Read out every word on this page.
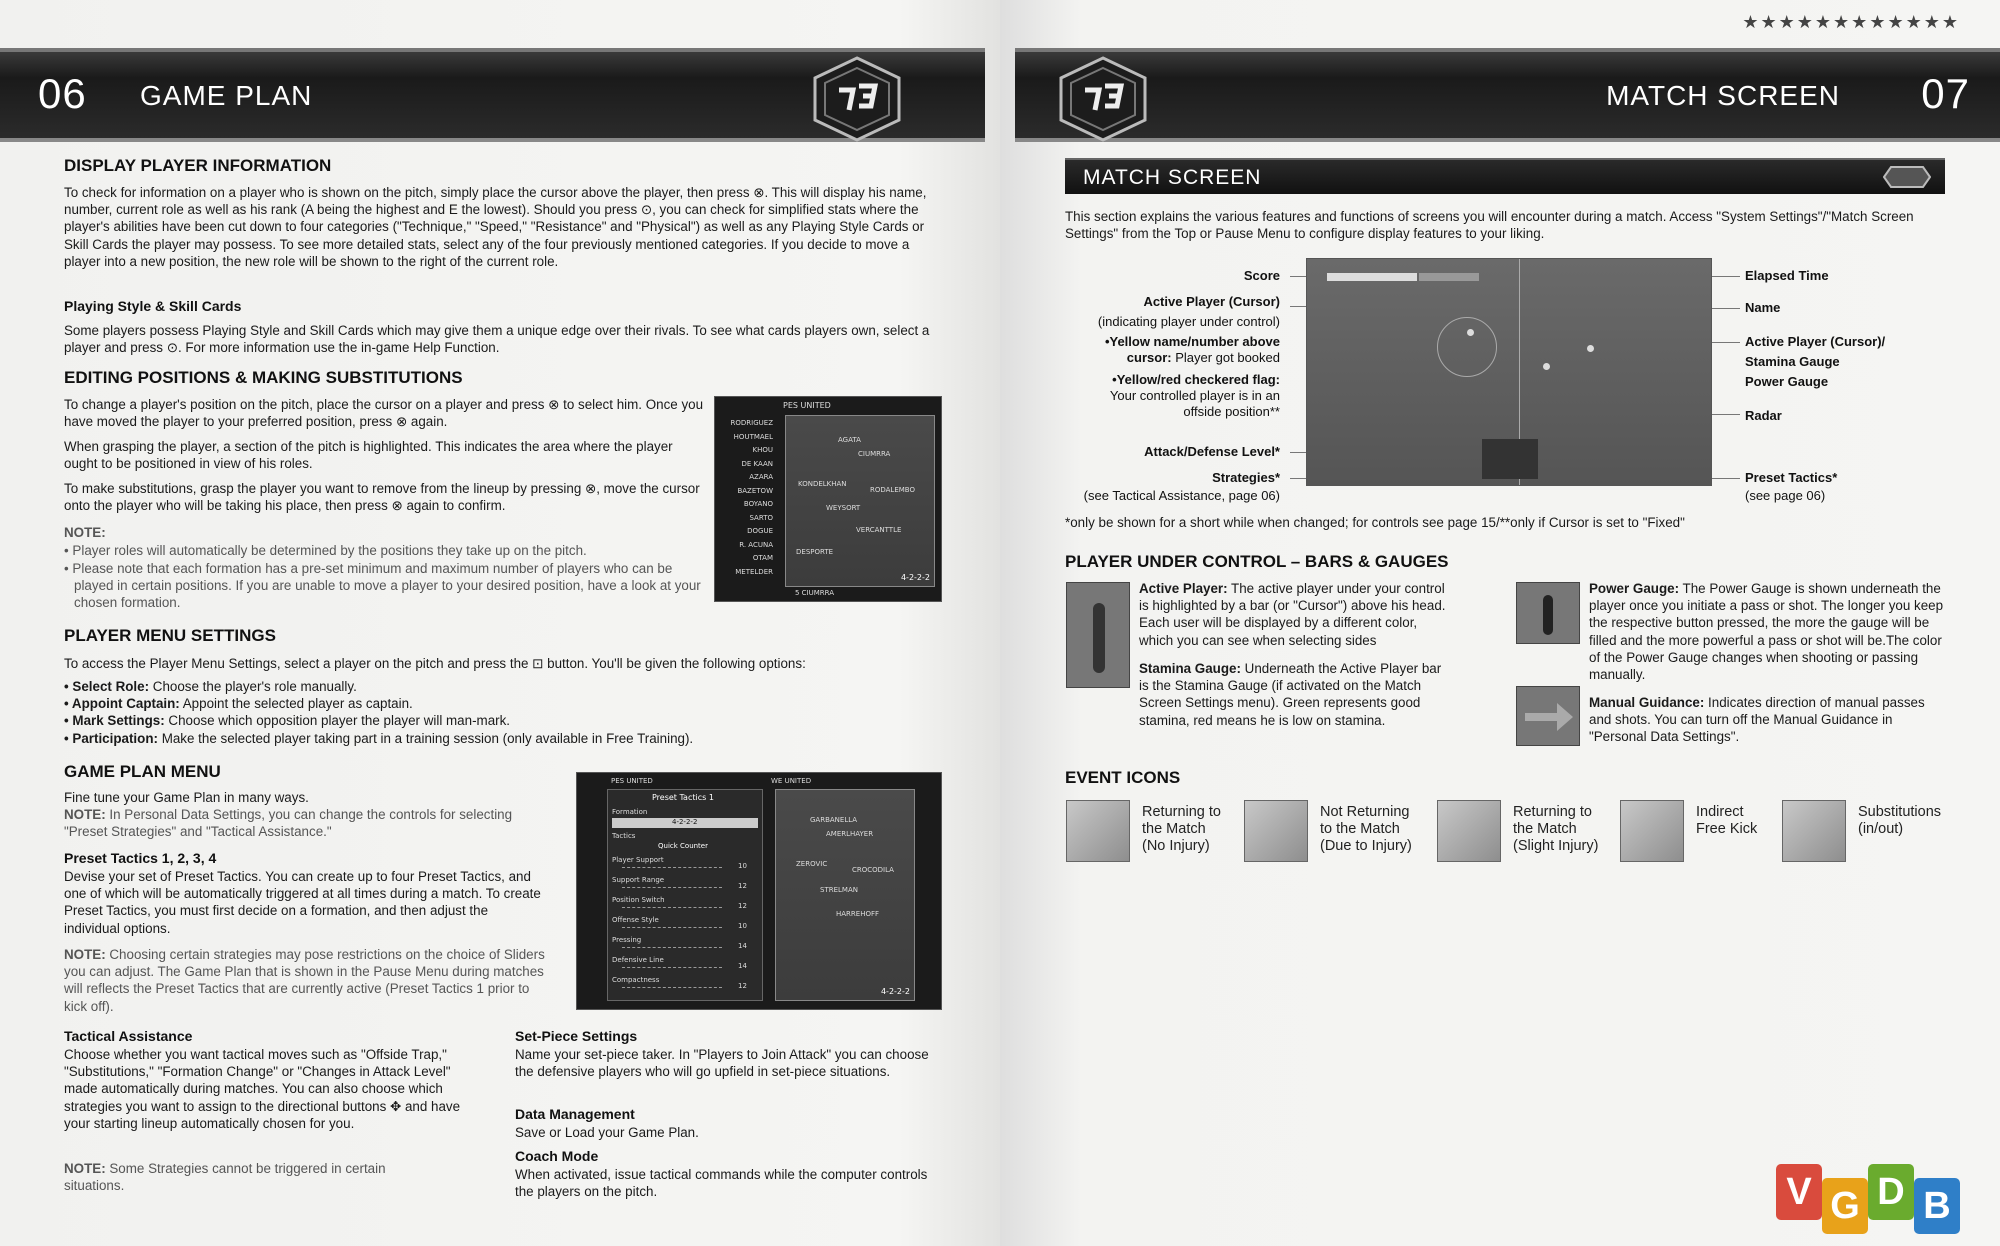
06 GAME PLAN
DISPLAY PLAYER INFORMATION
To check for information on a player who is shown on the pitch, simply place the cursor above the player, then press ⊗. This will display his name, number, current role as well as his rank (A being the highest and E the lowest). Should you press ⊙, you can check for simplified stats where the player's abilities have been cut down to four categories ("Technique," "Speed," "Resistance" and "Physical") as well as any Playing Style Cards or Skill Cards the player may possess. To see more detailed stats, select any of the four previously mentioned categories. If you decide to move a player into a new position, the new role will be shown to the right of the current role.
Playing Style & Skill Cards
Some players possess Playing Style and Skill Cards which may give them a unique edge over their rivals. To see what cards players own, select a player and press ⊙. For more information use the in-game Help Function.
EDITING POSITIONS & MAKING SUBSTITUTIONS
To change a player's position on the pitch, place the cursor on a player and press ⊗ to select him. Once you have moved the player to your preferred position, press ⊗ again.
When grasping the player, a section of the pitch is highlighted. This indicates the area where the player ought to be positioned in view of his roles.
To make substitutions, grasp the player you want to remove from the lineup by pressing ⊗, move the cursor onto the player who will be taking his place, then press ⊗ again to confirm.
NOTE:
• Player roles will automatically be determined by the positions they take up on the pitch.
• Please note that each formation has a pre-set minimum and maximum number of players who can be played in certain positions. If you are unable to move a player to your desired position, have a look at your chosen formation.
PES UNITED
RODRIGUEZ
HOUTMAEL
KHOU
DE KAAN
AZARA
BAZETOW
BOYANO
SARTO
DOGUE
R. ACUNA
OTAM
METELDER
AGATA
CIUMRRA
KONDELKHAN
RODALEMBO
WEYSORT
VERCANTTLE
DESPORTE
4-2-2-2
5 CIUMRRA
PLAYER MENU SETTINGS
To access the Player Menu Settings, select a player on the pitch and press the ⊡ button. You'll be given the following options:
• Select Role: Choose the player's role manually.
• Appoint Captain: Appoint the selected player as captain.
• Mark Settings: Choose which opposition player the player will man-mark.
• Participation: Make the selected player taking part in a training session (only available in Free Training).
GAME PLAN MENU
Fine tune your Game Plan in many ways.
NOTE: In Personal Data Settings, you can change the controls for selecting "Preset Strategies" and "Tactical Assistance."
Preset Tactics 1, 2, 3, 4
Devise your set of Preset Tactics. You can create up to four Preset Tactics, and one of which will be automatically triggered at all times during a match. To create Preset Tactics, you must first decide on a formation, and then adjust the individual options.
NOTE: Choosing certain strategies may pose restrictions on the choice of Sliders you can adjust. The Game Plan that is shown in the Pause Menu during matches will reflects the Preset Tactics that are currently active (Preset Tactics 1 prior to kick off).
PES UNITED	WE UNITED
Preset Tactics 1
Formation
4-2-2-2
Tactics
Quick Counter
Player Support
10
Support Range
12
Position Switch
12
Offense Style
10
Pressing
14
Defensive Line
14
Compactness
12
GARBANELLA
AMERLHAYER
ZEROVIC
CROCODILA
STRELMAN
HARREHOFF
4-2-2-2
Tactical Assistance
Choose whether you want tactical moves such as "Offside Trap," "Substitutions," "Formation Change" or "Changes in Attack Level" made automatically during matches. You can also choose which strategies you want to assign to the directional buttons ✥ and have your starting lineup automatically chosen for you.
NOTE: Some Strategies cannot be triggered in certain situations.
Set-Piece Settings
Name your set-piece taker. In "Players to Join Attack" you can choose the defensive players who will go upfield in set-piece situations.
Data Management
Save or Load your Game Plan.
Coach Mode
When activated, issue tactical commands while the computer controls the players on the pitch.
★★★★★★★★★★★★
MATCH SCREEN 07
MATCH SCREEN
This section explains the various features and functions of screens you will encounter during a match. Access "System Settings"/"Match Screen Settings" from the Top or Pause Menu to configure display features to your liking.
Score
Active Player (Cursor)
(indicating player under control)
•Yellow name/number above
cursor: Player got booked
•Yellow/red checkered flag:
Your controlled player is in an
offside position**
Attack/Defense Level*
Strategies*
(see Tactical Assistance, page 06)
Elapsed Time
Name
Active Player (Cursor)/
Stamina Gauge
Power Gauge
Radar
Preset Tactics*
(see page 06)
*only be shown for a short while when changed; for controls see page 15/**only if Cursor is set to "Fixed"
PLAYER UNDER CONTROL – BARS & GAUGES
Active Player: The active player under your control is highlighted by a bar (or "Cursor") above his head. Each user will be displayed by a different color, which you can see when selecting sides
Stamina Gauge: Underneath the Active Player bar is the Stamina Gauge (if activated on the Match Screen Settings menu). Green represents good stamina, red means he is low on stamina.
Power Gauge: The Power Gauge is shown underneath the player once you initiate a pass or shot. The longer you keep the respective button pressed, the more the gauge will be filled and the more powerful a pass or shot will be.The color of the Power Gauge changes when shooting or passing manually.
Manual Guidance: Indicates direction of manual passes and shots. You can turn off the Manual Guidance in "Personal Data Settings".
EVENT ICONS
Returning to
the Match
(No Injury)
Not Returning
to the Match
(Due to Injury)
Returning to
the Match
(Slight Injury)
Indirect
Free Kick
Substitutions
(in/out)
V G D B
